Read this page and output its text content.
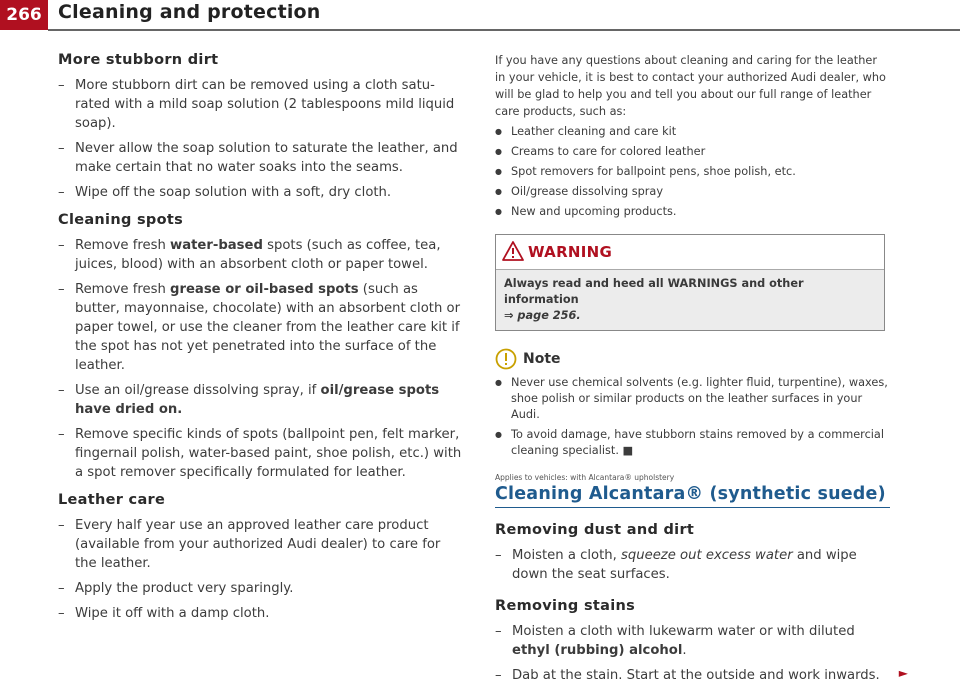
266 Cleaning and protection
More stubborn dirt

– More stubborn dirt can be removed using a cloth satu-rated with a mild soap solution (2 tablespoons mild liquid soap).

– Never allow the soap solution to saturate the leather, and make certain that no water soaks into the seams.

– Wipe off the soap solution with a soft, dry cloth.

Cleaning spots

– Remove fresh water-based spots (such as coffee, tea, juices, blood) with an absorbent cloth or paper towel.

– Remove fresh grease or oil-based spots (such as butter, mayonnaise, chocolate) with an absorbent cloth or paper towel, or use the cleaner from the leather care kit if the spot has not yet penetrated into the surface of the leather.

– Use an oil/grease dissolving spray, if oil/grease spots have dried on.

– Remove specific kinds of spots (ballpoint pen, felt marker, fingernail polish, water-based paint, shoe polish, etc.) with a spot remover specifically formulated for leather.

Leather care

– Every half year use an approved leather care product (available from your authorized Audi dealer) to care for the leather.

– Apply the product very sparingly.

– Wipe it off with a damp cloth.

If you have any questions about cleaning and caring for the leather in your vehicle, it is best to contact your authorized Audi dealer, who will be glad to help you and tell you about our full range of leather care products, such as:

● Leather cleaning and care kit

● Creams to care for colored leather

● Spot removers for ballpoint pens, shoe polish, etc.

● Oil/grease dissolving spray

● New and upcoming products.

WARNING
Always read and heed all WARNINGS and other information
⇒ page 256.
Note

● Never use chemical solvents (e.g. lighter fluid, turpentine), waxes, shoe polish or similar products on the leather surfaces in your Audi.

● To avoid damage, have stubborn stains removed by a commercial cleaning specialist. ■

Applies to vehicles: with Alcantara® upholstery
Cleaning Alcantara® (synthetic suede)
Removing dust and dirt

– Moisten a cloth, squeeze out excess water and wipe down the seat surfaces.

Removing stains

– Moisten a cloth with lukewarm water or with diluted ethyl (rubbing) alcohol.

– Dab at the stain. Start at the outside and work inwards. ►
